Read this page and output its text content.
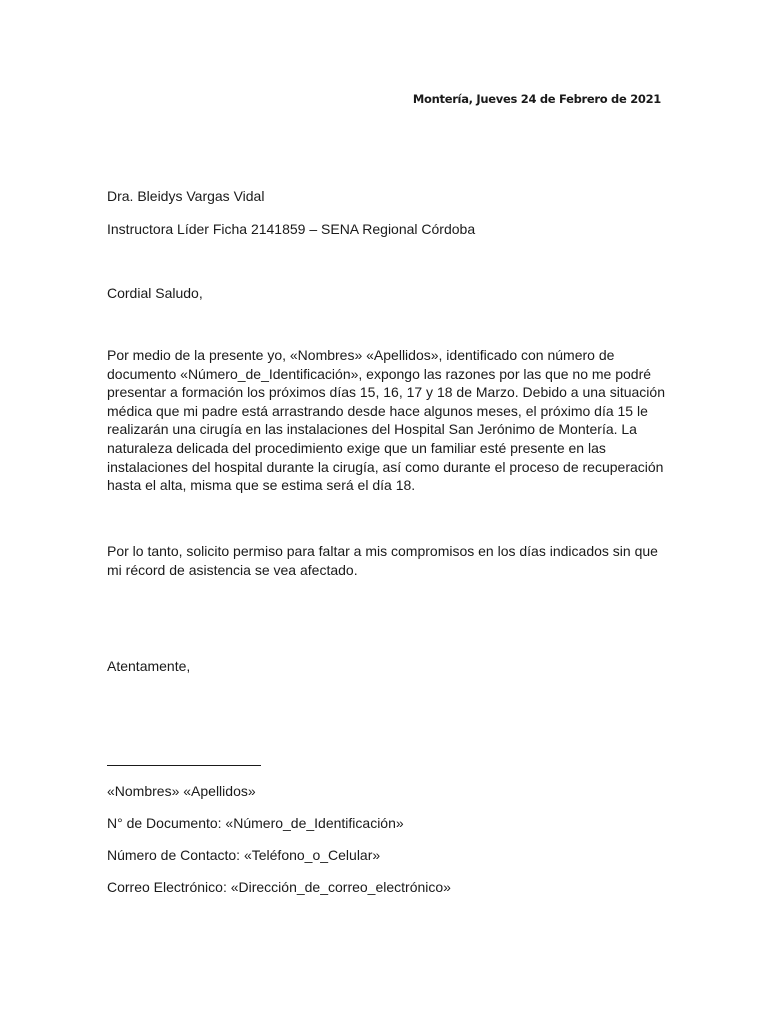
Montería, Jueves 24 de Febrero de 2021
Dra. Bleidys Vargas Vidal
Instructora Líder Ficha 2141859 – SENA Regional Córdoba
Cordial Saludo,
Por medio de la presente yo, «Nombres» «Apellidos», identificado con número de
documento «Número_de_Identificación», expongo las razones por las que no me podré
presentar a formación los próximos días 15, 16, 17 y 18 de Marzo. Debido a una situación
médica que mi padre está arrastrando desde hace algunos meses, el próximo día 15 le
realizarán una cirugía en las instalaciones del Hospital San Jerónimo de Montería. La
naturaleza delicada del procedimiento exige que un familiar esté presente en las
instalaciones del hospital durante la cirugía, así como durante el proceso de recuperación
hasta el alta, misma que se estima será el día 18.
Por lo tanto, solicito permiso para faltar a mis compromisos en los días indicados sin que
mi récord de asistencia se vea afectado.
Atentamente,
«Nombres» «Apellidos»
N° de Documento: «Número_de_Identificación»
Número de Contacto: «Teléfono_o_Celular»
Correo Electrónico: «Dirección_de_correo_electrónico»
